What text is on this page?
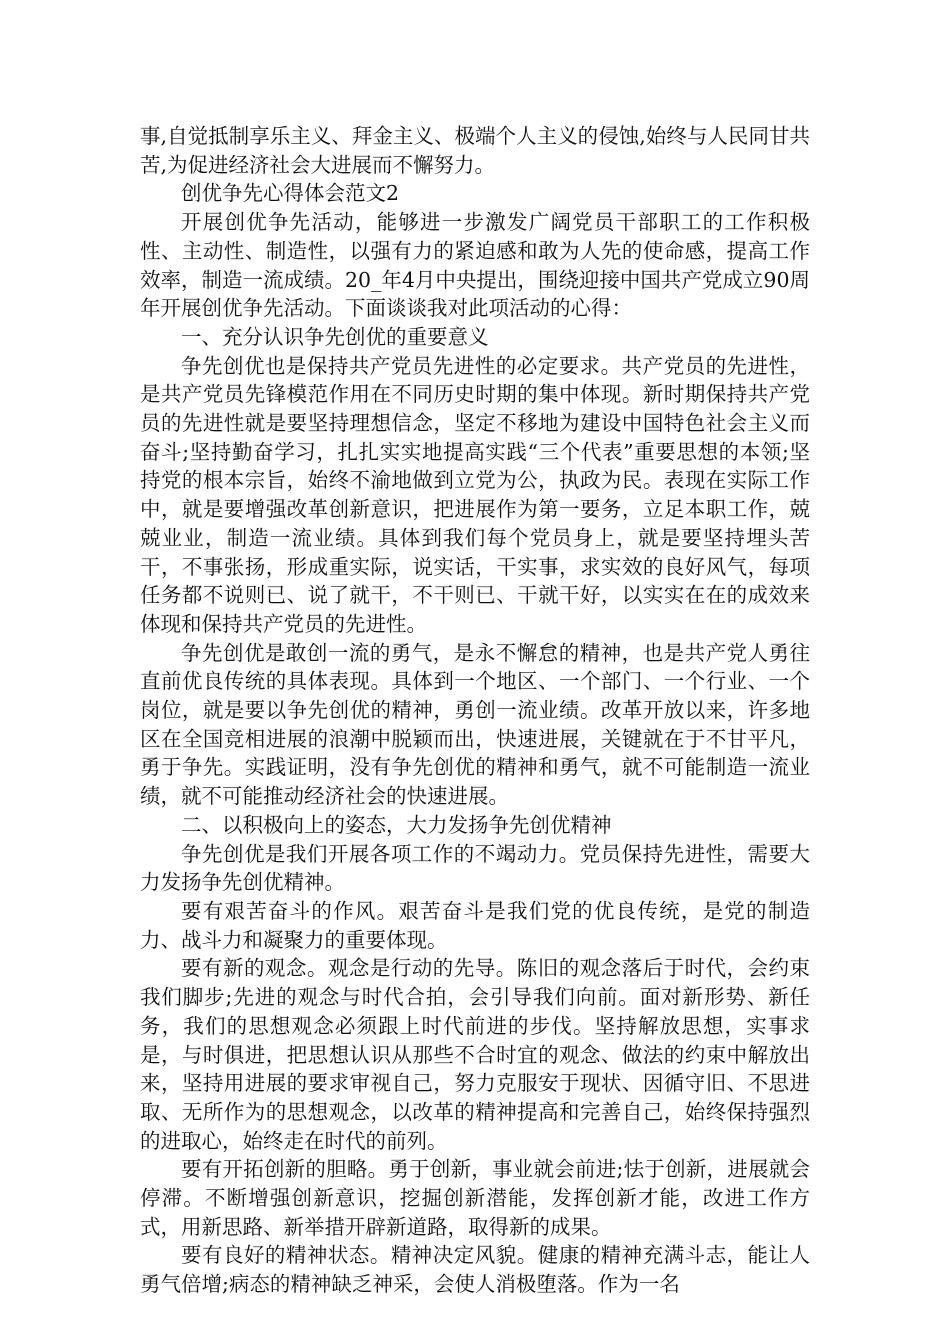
事,自觉抵制享乐主义、拜金主义、极端个人主义的侵蚀,始终与人民同甘共苦,为促进经济社会大进展而不懈努力。

创优争先心得体会范文2

开展创优争先活动，能够进一步激发广阔党员干部职工的工作积极性、主动性、制造性，以强有力的紧迫感和敢为人先的使命感，提高工作效率，制造一流成绩。20_年4月中央提出，围绕迎接中国共产党成立90周年开展创优争先活动。下面谈谈我对此项活动的心得：

一、充分认识争先创优的重要意义

争先创优也是保持共产党员先进性的必定要求。共产党员的先进性，是共产党员先锋模范作用在不同历史时期的集中体现。新时期保持共产党员的先进性就是要坚持理想信念，坚定不移地为建设中国特色社会主义而奋斗;坚持勤奋学习，扎扎实实地提高实践“三个代表”重要思想的本领;坚持党的根本宗旨，始终不渝地做到立党为公，执政为民。表现在实际工作中，就是要增强改革创新意识，把进展作为第一要务，立足本职工作，兢兢业业，制造一流业绩。具体到我们每个党员身上，就是要坚持埋头苦干，不事张扬，形成重实际，说实话，干实事，求实效的良好风气，每项任务都不说则已、说了就干，不干则已、干就干好，以实实在在的成效来体现和保持共产党员的先进性。

争先创优是敢创一流的勇气，是永不懈怠的精神，也是共产党人勇往直前优良传统的具体表现。具体到一个地区、一个部门、一个行业、一个岗位，就是要以争先创优的精神，勇创一流业绩。改革开放以来，许多地区在全国竞相进展的浪潮中脱颖而出，快速进展，关键就在于不甘平凡，勇于争先。实践证明，没有争先创优的精神和勇气，就不可能制造一流业绩，就不可能推动经济社会的快速进展。

二、以积极向上的姿态，大力发扬争先创优精神

争先创优是我们开展各项工作的不竭动力。党员保持先进性，需要大力发扬争先创优精神。

要有艰苦奋斗的作风。艰苦奋斗是我们党的优良传统，是党的制造力、战斗力和凝聚力的重要体现。

要有新的观念。观念是行动的先导。陈旧的观念落后于时代，会约束我们脚步;先进的观念与时代合拍，会引导我们向前。面对新形势、新任务，我们的思想观念必须跟上时代前进的步伐。坚持解放思想，实事求是，与时俱进，把思想认识从那些不合时宜的观念、做法的约束中解放出来，坚持用进展的要求审视自己，努力克服安于现状、因循守旧、不思进取、无所作为的思想观念，以改革的精神提高和完善自己，始终保持强烈的进取心，始终走在时代的前列。

要有开拓创新的胆略。勇于创新，事业就会前进;怯于创新，进展就会停滞。不断增强创新意识，挖掘创新潜能，发挥创新才能，改进工作方式，用新思路、新举措开辟新道路，取得新的成果。

要有良好的精神状态。精神决定风貌。健康的精神充满斗志，能让人勇气倍增;病态的精神缺乏神采，会使人消极堕落。作为一名
